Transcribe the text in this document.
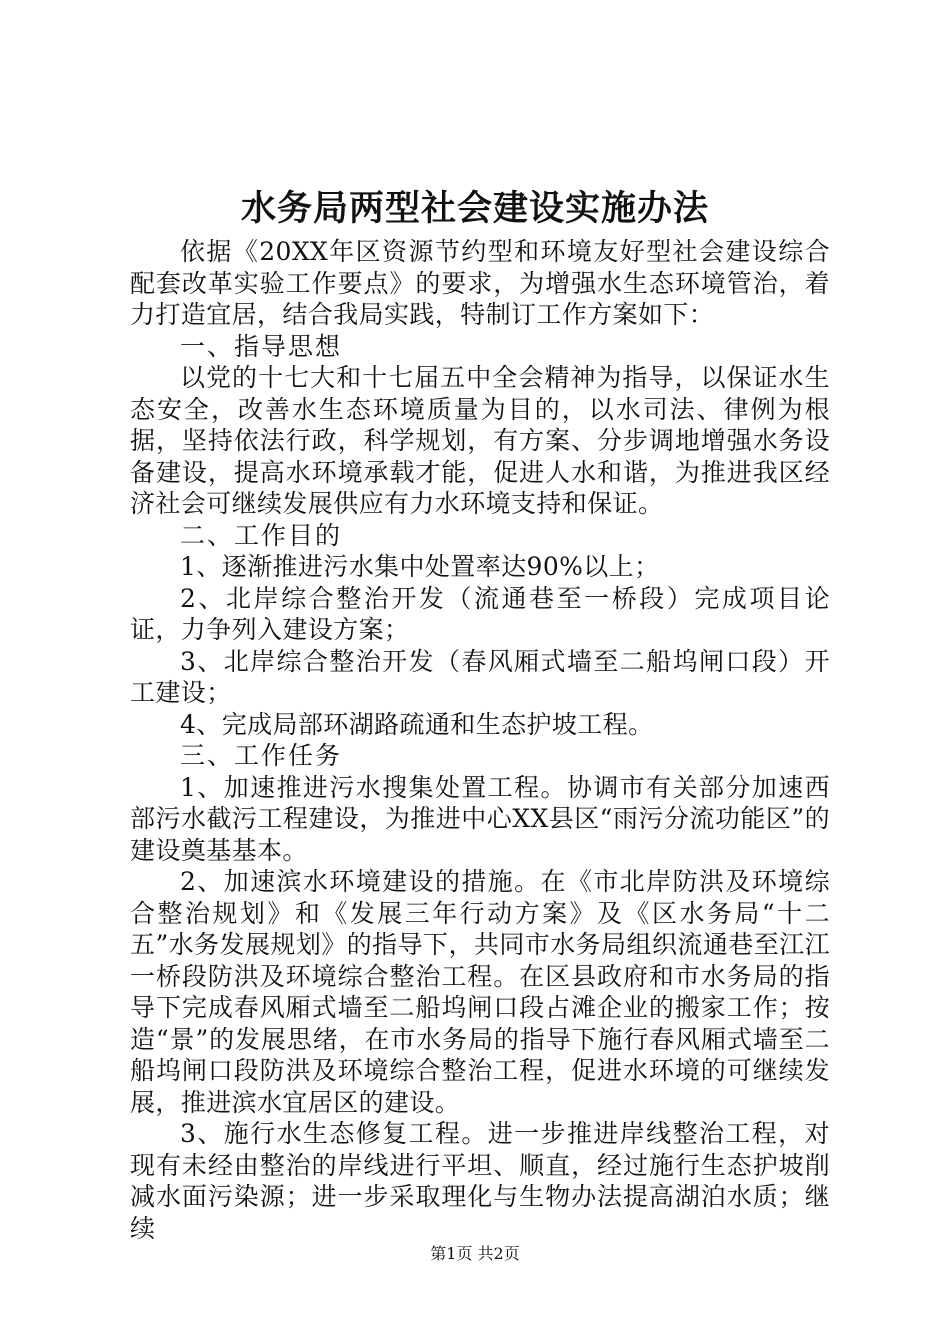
水务局两型社会建设实施办法

依据《20XX年区资源节约型和环境友好型社会建设综合配套改革实验工作要点》的要求，为增强水生态环境管治，着力打造宜居，结合我局实践，特制订工作方案如下：

一、指导思想

以党的十七大和十七届五中全会精神为指导，以保证水生态安全，改善水生态环境质量为目的，以水司法、律例为根据，坚持依法行政，科学规划，有方案、分步调地增强水务设备建设，提高水环境承载才能，促进人水和谐，为推进我区经济社会可继续发展供应有力水环境支持和保证。

二、工作目的

1、逐渐推进污水集中处置率达90%以上；

2、北岸综合整治开发（流通巷至一桥段）完成项目论证，力争列入建设方案；

3、北岸综合整治开发（春风厢式墙至二船坞闸口段）开工建设；

4、完成局部环湖路疏通和生态护坡工程。

三、工作任务

1、加速推进污水搜集处置工程。协调市有关部分加速西部污水截污工程建设，为推进中心XX县区“雨污分流功能区”的建设奠基基本。

2、加速滨水环境建设的措施。在《市北岸防洪及环境综合整治规划》和《发展三年行动方案》及《区水务局“十二五”水务发展规划》的指导下，共同市水务局组织流通巷至江江一桥段防洪及环境综合整治工程。在区县政府和市水务局的指导下完成春风厢式墙至二船坞闸口段占滩企业的搬家工作；按造“景”的发展思绪，在市水务局的指导下施行春风厢式墙至二船坞闸口段防洪及环境综合整治工程，促进水环境的可继续发展，推进滨水宜居区的建设。

3、施行水生态修复工程。进一步推进岸线整治工程，对现有未经由整治的岸线进行平坦、顺直，经过施行生态护坡削减水面污染源；进一步采取理化与生物办法提高湖泊水质；继续

第1页 共2页
